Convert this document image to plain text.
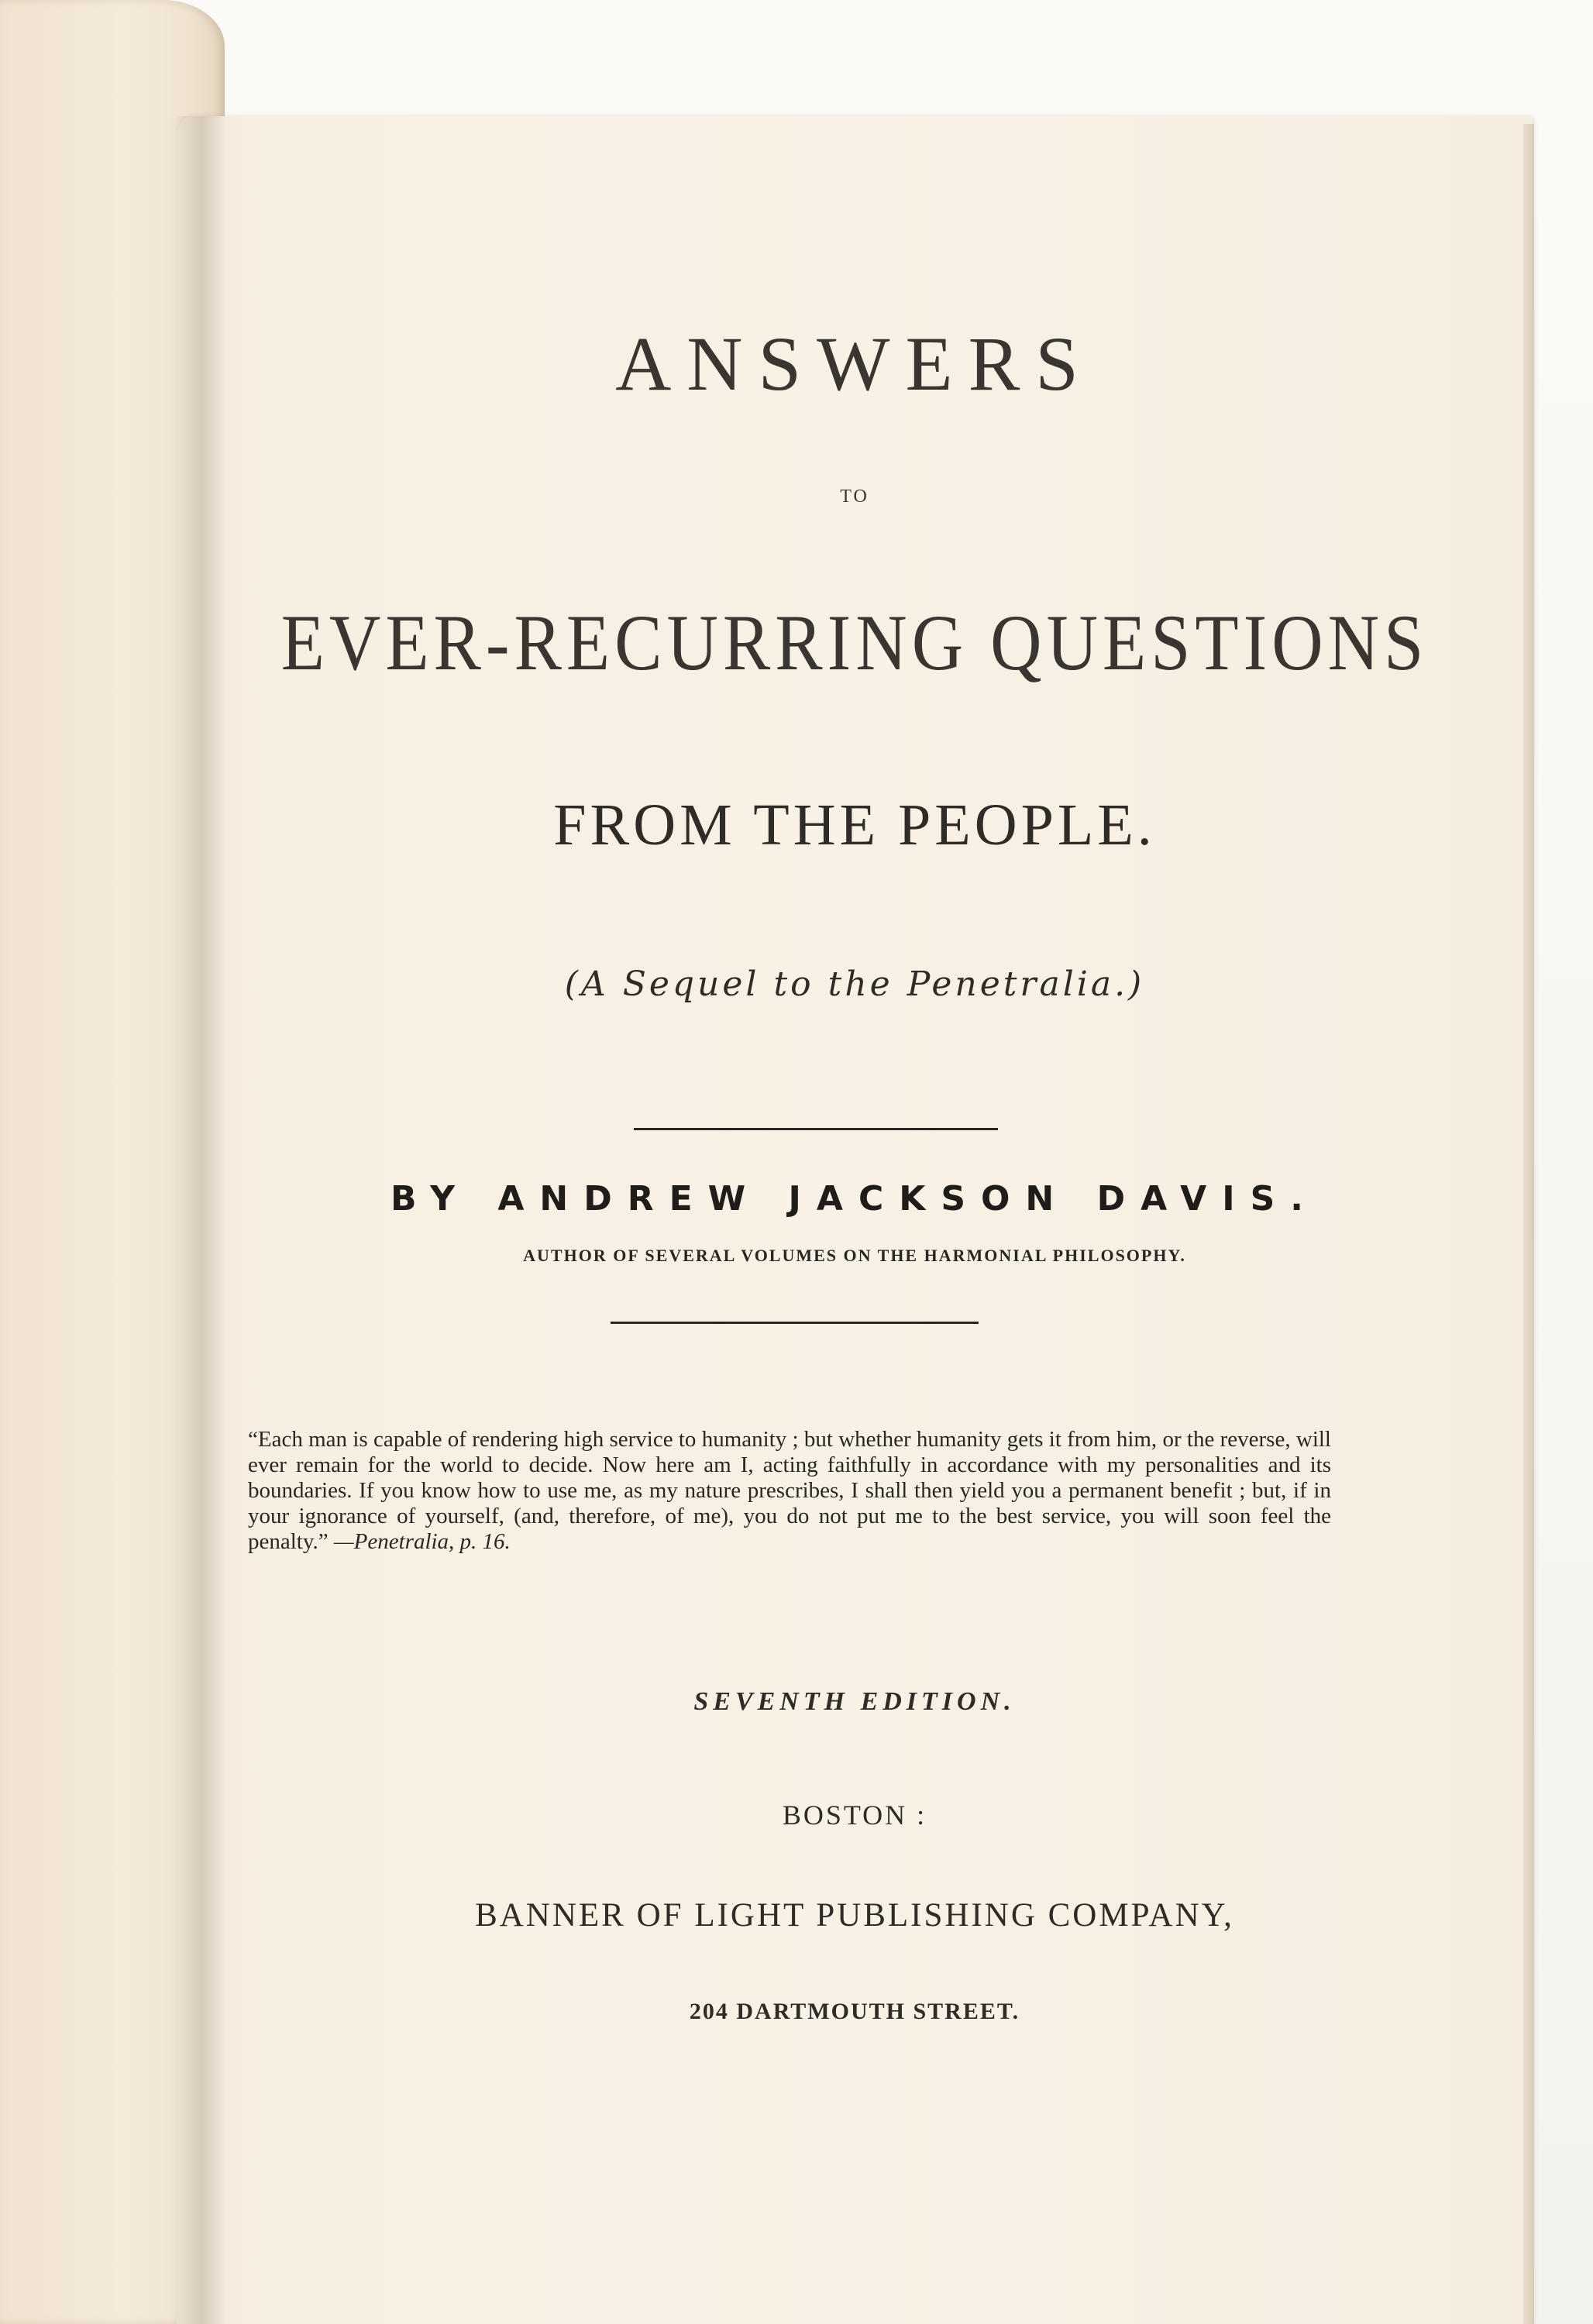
ANSWERS
TO
EVER-RECURRING QUESTIONS
FROM THE PEOPLE.
(A Sequel to the Penetralia.)
BY ANDREW JACKSON DAVIS.
AUTHOR OF SEVERAL VOLUMES ON THE HARMONIAL PHILOSOPHY.
“Each man is capable of rendering high service to humanity ; but whether humanity gets it from him, or the reverse, will ever remain for the world to decide. Now here am I, acting faithfully in accordance with my personalities and its boundaries. If you know how to use me, as my nature prescribes, I shall then yield you a permanent benefit ; but, if in your ignorance of yourself, (and, therefore, of me), you do not put me to the best service, you will soon feel the penalty.” —Penetralia, p. 16.
SEVENTH EDITION.
BOSTON :
BANNER OF LIGHT PUBLISHING COMPANY,
204 DARTMOUTH STREET.
